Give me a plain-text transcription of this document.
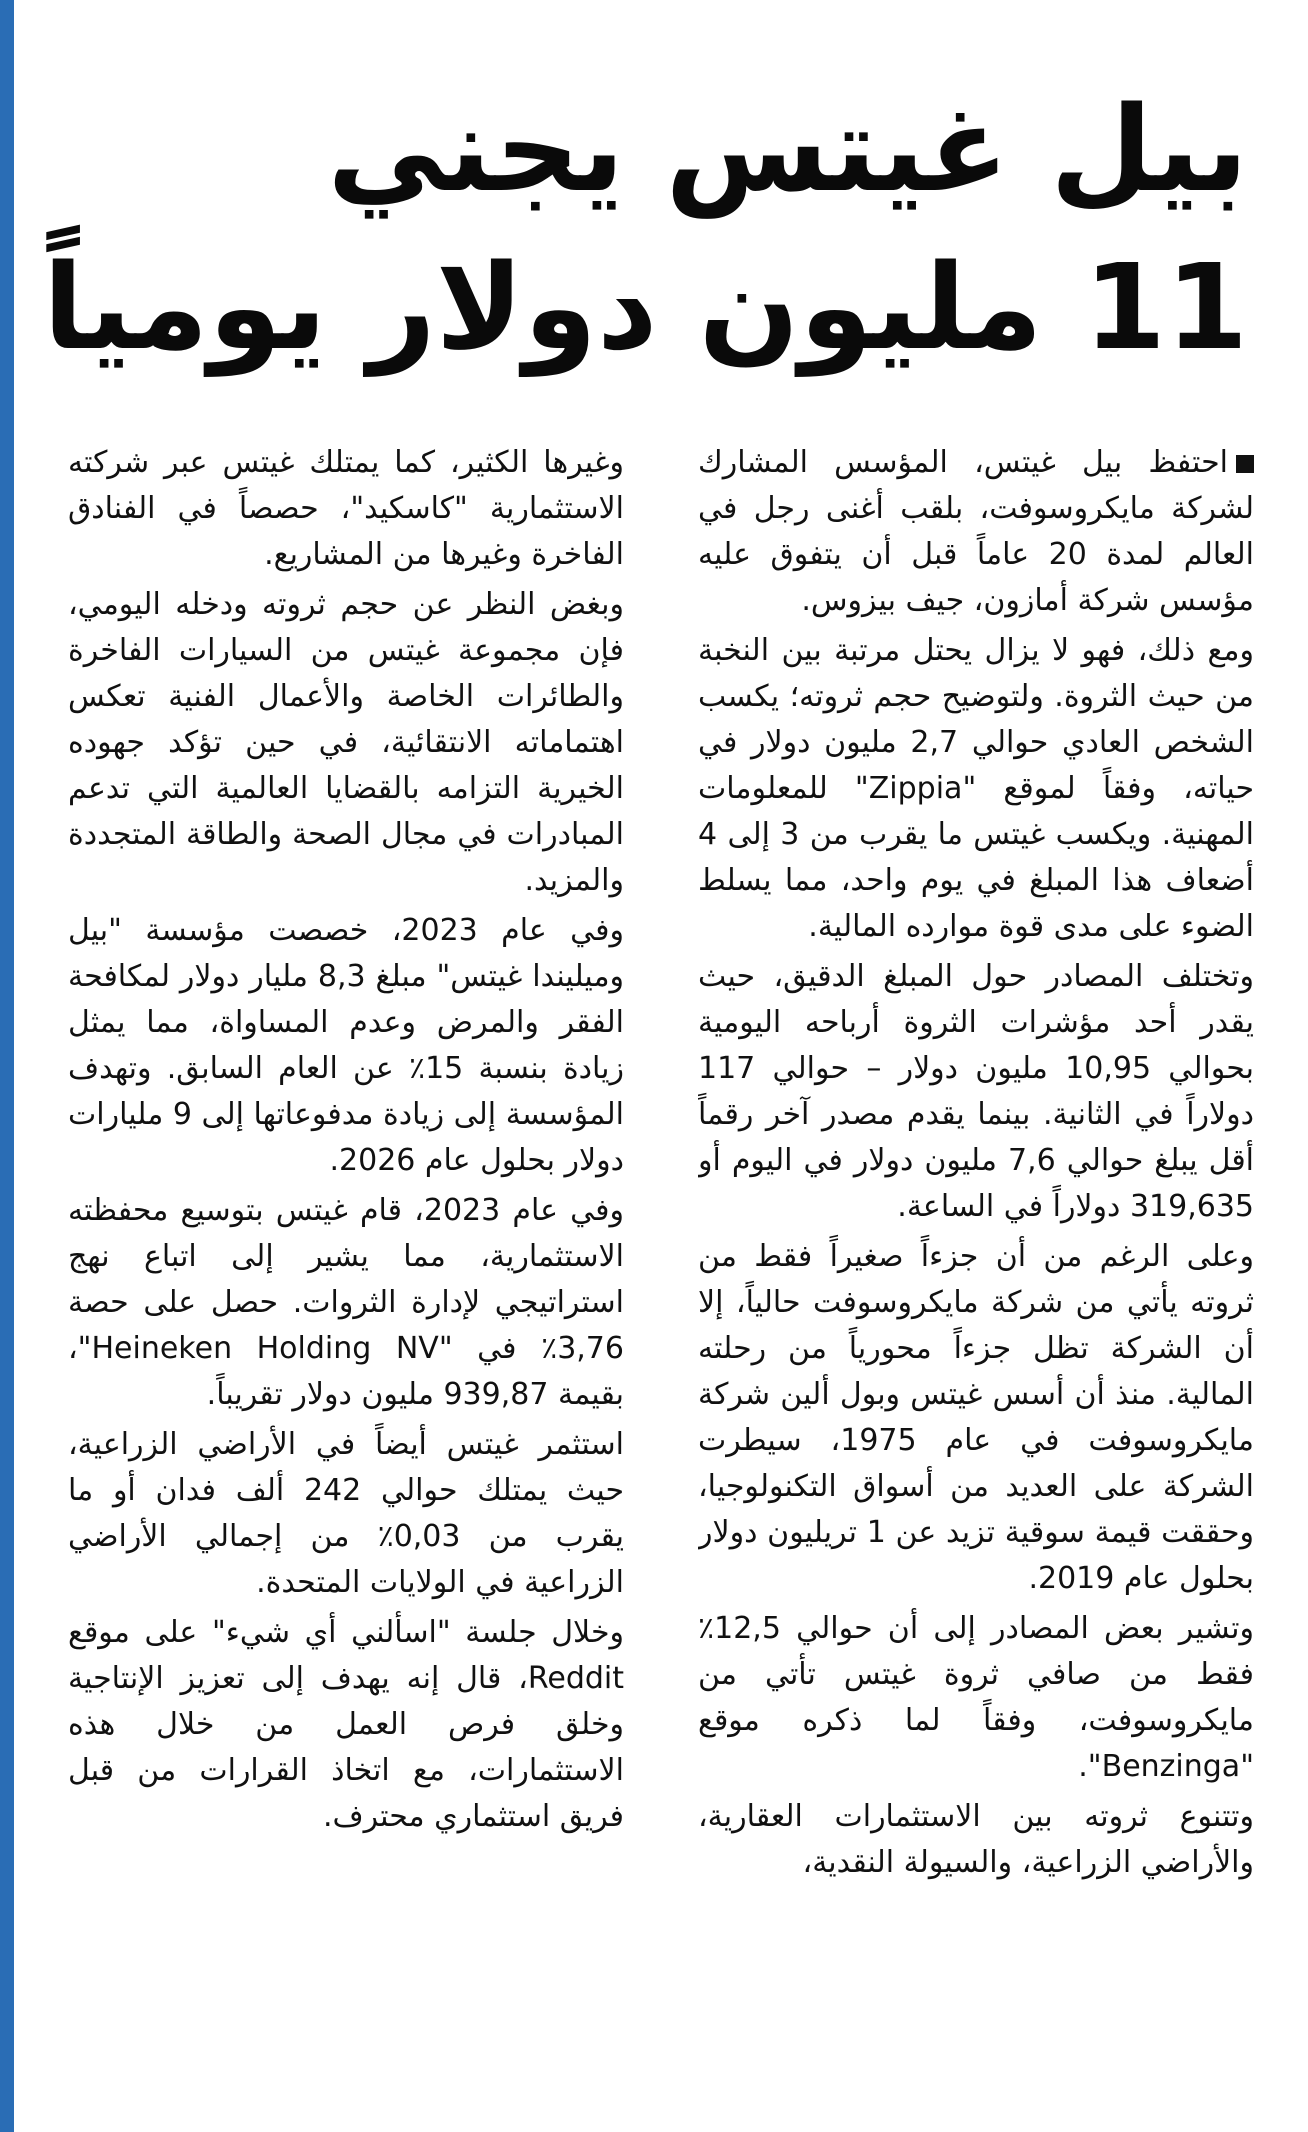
بيل غيتس يجني
11 مليون دولار يومياً

احتفظ بيل غيتس، المؤسس المشارك لشركة مايكروسوفت، بلقب أغنى رجل في العالم لمدة 20 عاماً قبل أن يتفوق عليه مؤسس شركة أمازون، جيف بيزوس.

ومع ذلك، فهو لا يزال يحتل مرتبة بين النخبة من حيث الثروة. ولتوضيح حجم ثروته؛ يكسب الشخص العادي حوالي 2,7 مليون دولار في حياته، وفقاً لموقع "Zippia" للمعلومات المهنية. ويكسب غيتس ما يقرب من 3 إلى 4 أضعاف هذا المبلغ في يوم واحد، مما يسلط الضوء على مدى قوة موارده المالية.

وتختلف المصادر حول المبلغ الدقيق، حيث يقدر أحد مؤشرات الثروة أرباحه اليومية بحوالي 10,95 مليون دولار – حوالي 117 دولاراً في الثانية. بينما يقدم مصدر آخر رقماً أقل يبلغ حوالي 7,6 مليون دولار في اليوم أو 319,635 دولاراً في الساعة.

وعلى الرغم من أن جزءاً صغيراً فقط من ثروته يأتي من شركة مايكروسوفت حالياً، إلا أن الشركة تظل جزءاً محورياً من رحلته المالية. منذ أن أسس غيتس وبول ألين شركة مايكروسوفت في عام 1975، سيطرت الشركة على العديد من أسواق التكنولوجيا، وحققت قيمة سوقية تزيد عن 1 تريليون دولار بحلول عام 2019.

وتشير بعض المصادر إلى أن حوالي 12,5٪ فقط من صافي ثروة غيتس تأتي من مايكروسوفت، وفقاً لما ذكره موقع "Benzinga".

وتتنوع ثروته بين الاستثمارات العقارية، والأراضي الزراعية، والسيولة النقدية،

وغيرها الكثير، كما يمتلك غيتس عبر شركته الاستثمارية "كاسكيد"، حصصاً في الفنادق الفاخرة وغيرها من المشاريع.

وبغض النظر عن حجم ثروته ودخله اليومي، فإن مجموعة غيتس من السيارات الفاخرة والطائرات الخاصة والأعمال الفنية تعكس اهتماماته الانتقائية، في حين تؤكد جهوده الخيرية التزامه بالقضايا العالمية التي تدعم المبادرات في مجال الصحة والطاقة المتجددة والمزيد.

وفي عام 2023، خصصت مؤسسة "بيل وميليندا غيتس" مبلغ 8,3 مليار دولار لمكافحة الفقر والمرض وعدم المساواة، مما يمثل زيادة بنسبة 15٪ عن العام السابق. وتهدف المؤسسة إلى زيادة مدفوعاتها إلى 9 مليارات دولار بحلول عام 2026.

وفي عام 2023، قام غيتس بتوسيع محفظته الاستثمارية، مما يشير إلى اتباع نهج استراتيجي لإدارة الثروات. حصل على حصة 3,76٪ في "Heineken Holding NV"، بقيمة 939,87 مليون دولار تقريباً.

استثمر غيتس أيضاً في الأراضي الزراعية، حيث يمتلك حوالي 242 ألف فدان أو ما يقرب من 0,03٪ من إجمالي الأراضي الزراعية في الولايات المتحدة.

وخلال جلسة "اسألني أي شيء" على موقع Reddit، قال إنه يهدف إلى تعزيز الإنتاجية وخلق فرص العمل من خلال هذه الاستثمارات، مع اتخاذ القرارات من قبل فريق استثماري محترف.
